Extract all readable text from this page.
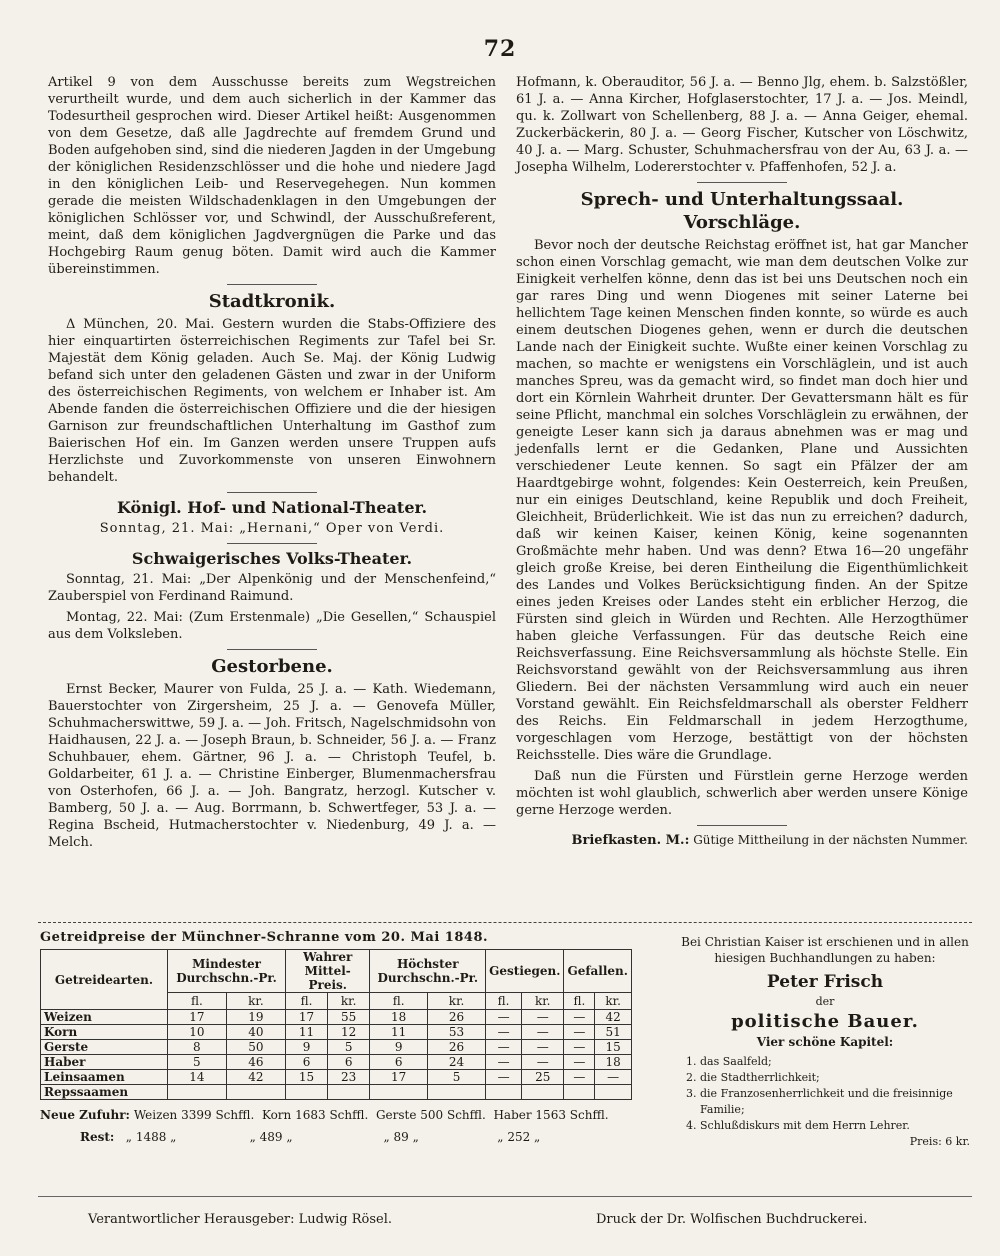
72

Artikel 9 von dem Ausschusse bereits zum Wegstreichen verurtheilt wurde, und dem auch sicherlich in der Kammer das Todesurtheil gesprochen wird. Dieser Artikel heißt: Ausgenommen von dem Gesetze, daß alle Jagdrechte auf fremdem Grund und Boden aufgehoben sind, sind die niederen Jagden in der Umgebung der königlichen Residenzschlösser und die hohe und niedere Jagd in den königlichen Leib- und Reservegehegen. Nun kommen gerade die meisten Wildschadenklagen in den Umgebungen der königlichen Schlösser vor, und Schwindl, der Ausschußreferent, meint, daß dem königlichen Jagdvergnügen die Parke und das Hochgebirg Raum genug böten. Damit wird auch die Kammer übereinstimmen.

Stadtkronik.

Δ München, 20. Mai. Gestern wurden die Stabs-Offiziere des hier einquartirten österreichischen Regiments zur Tafel bei Sr. Majestät dem König geladen. Auch Se. Maj. der König Ludwig befand sich unter den geladenen Gästen und zwar in der Uniform des österreichischen Regiments, von welchem er Inhaber ist. Am Abende fanden die österreichischen Offiziere und die der hiesigen Garnison zur freundschaftlichen Unterhaltung im Gasthof zum Baierischen Hof ein. Im Ganzen werden unsere Truppen aufs Herzlichste und Zuvorkommenste von unseren Einwohnern behandelt.

Königl. Hof- und National-Theater.

Sonntag, 21. Mai: „Hernani,“ Oper von Verdi.

Schwaigerisches Volks-Theater.

Sonntag, 21. Mai: „Der Alpenkönig und der Menschenfeind,“ Zauberspiel von Ferdinand Raimund.

Montag, 22. Mai: (Zum Erstenmale) „Die Gesellen,“ Schauspiel aus dem Volksleben.

Gestorbene.

Ernst Becker, Maurer von Fulda, 25 J. a. — Kath. Wiedemann, Bauerstochter von Zirgersheim, 25 J. a. — Genovefa Müller, Schuhmacherswittwe, 59 J. a. — Joh. Fritsch, Nagelschmidsohn von Haidhausen, 22 J. a. — Joseph Braun, b. Schneider, 56 J. a. — Franz Schuhbauer, ehem. Gärtner, 96 J. a. — Christoph Teufel, b. Goldarbeiter, 61 J. a. — Christine Einberger, Blumenmachersfrau von Osterhofen, 66 J. a. — Joh. Bangratz, herzogl. Kutscher v. Bamberg, 50 J. a. — Aug. Borrmann, b. Schwertfeger, 53 J. a. — Regina Bscheid, Hutmacherstochter v. Niedenburg, 49 J. a. — Melch.

Hofmann, k. Oberauditor, 56 J. a. — Benno Jlg, ehem. b. Salzstößler, 61 J. a. — Anna Kircher, Hofglaserstochter, 17 J. a. — Jos. Meindl, qu. k. Zollwart von Schellenberg, 88 J. a. — Anna Geiger, ehemal. Zuckerbäckerin, 80 J. a. — Georg Fischer, Kutscher von Löschwitz, 40 J. a. — Marg. Schuster, Schuhmachersfrau von der Au, 63 J. a. — Josepha Wilhelm, Lodererstochter v. Pfaffenhofen, 52 J. a.

Sprech- und Unterhaltungssaal.
Vorschläge.

Bevor noch der deutsche Reichstag eröffnet ist, hat gar Mancher schon einen Vorschlag gemacht, wie man dem deutschen Volke zur Einigkeit verhelfen könne, denn das ist bei uns Deutschen noch ein gar rares Ding und wenn Diogenes mit seiner Laterne bei hellichtem Tage keinen Menschen finden konnte, so würde es auch einem deutschen Diogenes gehen, wenn er durch die deutschen Lande nach der Einigkeit suchte. Wußte einer keinen Vorschlag zu machen, so machte er wenigstens ein Vorschläglein, und ist auch manches Spreu, was da gemacht wird, so findet man doch hier und dort ein Körnlein Wahrheit drunter. Der Gevattersmann hält es für seine Pflicht, manchmal ein solches Vorschläglein zu erwähnen, der geneigte Leser kann sich ja daraus abnehmen was er mag und jedenfalls lernt er die Gedanken, Plane und Aussichten verschiedener Leute kennen. So sagt ein Pfälzer der am Haardtgebirge wohnt, folgendes: Kein Oesterreich, kein Preußen, nur ein einiges Deutschland, keine Republik und doch Freiheit, Gleichheit, Brüderlichkeit. Wie ist das nun zu erreichen? dadurch, daß wir keinen Kaiser, keinen König, keine sogenannten Großmächte mehr haben. Und was denn? Etwa 16—20 ungefähr gleich große Kreise, bei deren Eintheilung die Eigenthümlichkeit des Landes und Volkes Berücksichtigung finden. An der Spitze eines jeden Kreises oder Landes steht ein erblicher Herzog, die Fürsten sind gleich in Würden und Rechten. Alle Herzogthümer haben gleiche Verfassungen. Für das deutsche Reich eine Reichsverfassung. Eine Reichsversammlung als höchste Stelle. Ein Reichsvorstand gewählt von der Reichsversammlung aus ihren Gliedern. Bei der nächsten Versammlung wird auch ein neuer Vorstand gewählt. Ein Reichsfeldmarschall als oberster Feldherr des Reichs. Ein Feldmarschall in jedem Herzogthume, vorgeschlagen vom Herzoge, bestättigt von der höchsten Reichsstelle. Dies wäre die Grundlage.

Daß nun die Fürsten und Fürstlein gerne Herzoge werden möchten ist wohl glaublich, schwerlich aber werden unsere Könige gerne Herzoge werden.

Briefkasten. M.: Gütige Mittheilung in der nächsten Nummer.
Getreidpreise der Münchner-Schranne vom 20. Mai 1848.
Getreidearten.	Mindester Durchschn.-Pr.		Wahrer Mittel-Preis.		Höchster Durchschn.-Pr.		Gestiegen.		Gefallen.	
	fl.	kr.	fl.	kr.	fl.	kr.	fl.	kr.	fl.	kr.
Weizen	17	19	17	55	18	26	—	—	—	42
Korn	10	40	11	12	11	53	—	—	—	51
Gerste	8	50	9	5	9	26	—	—	—	15
Haber	5	46	6	6	6	24	—	—	—	18
Leinsaamen	14	42	15	23	17	5	—	25	—	—
Repssaamen										
Neue Zufuhr: Weizen 3399 Schffl. Korn 1683 Schffl. Gerste 500 Schffl. Haber 1563 Schffl.
Rest: „ 1488 „	„ 489 „	„ 89 „	„ 252 „
Bei Christian Kaiser ist erschienen und in allen hiesigen Buchhandlungen zu haben:
Peter Frisch
der
politische Bauer.
Vier schöne Kapitel:
1. das Saalfeld;
2. die Stadtherrlichkeit;
3. die Franzosenherrlichkeit und die freisinnige Familie;
4. Schlußdiskurs mit dem Herrn Lehrer.
Preis: 6 kr.
Verantwortlicher Herausgeber: Ludwig Rösel.	Druck der Dr. Wolfischen Buchdruckerei.
